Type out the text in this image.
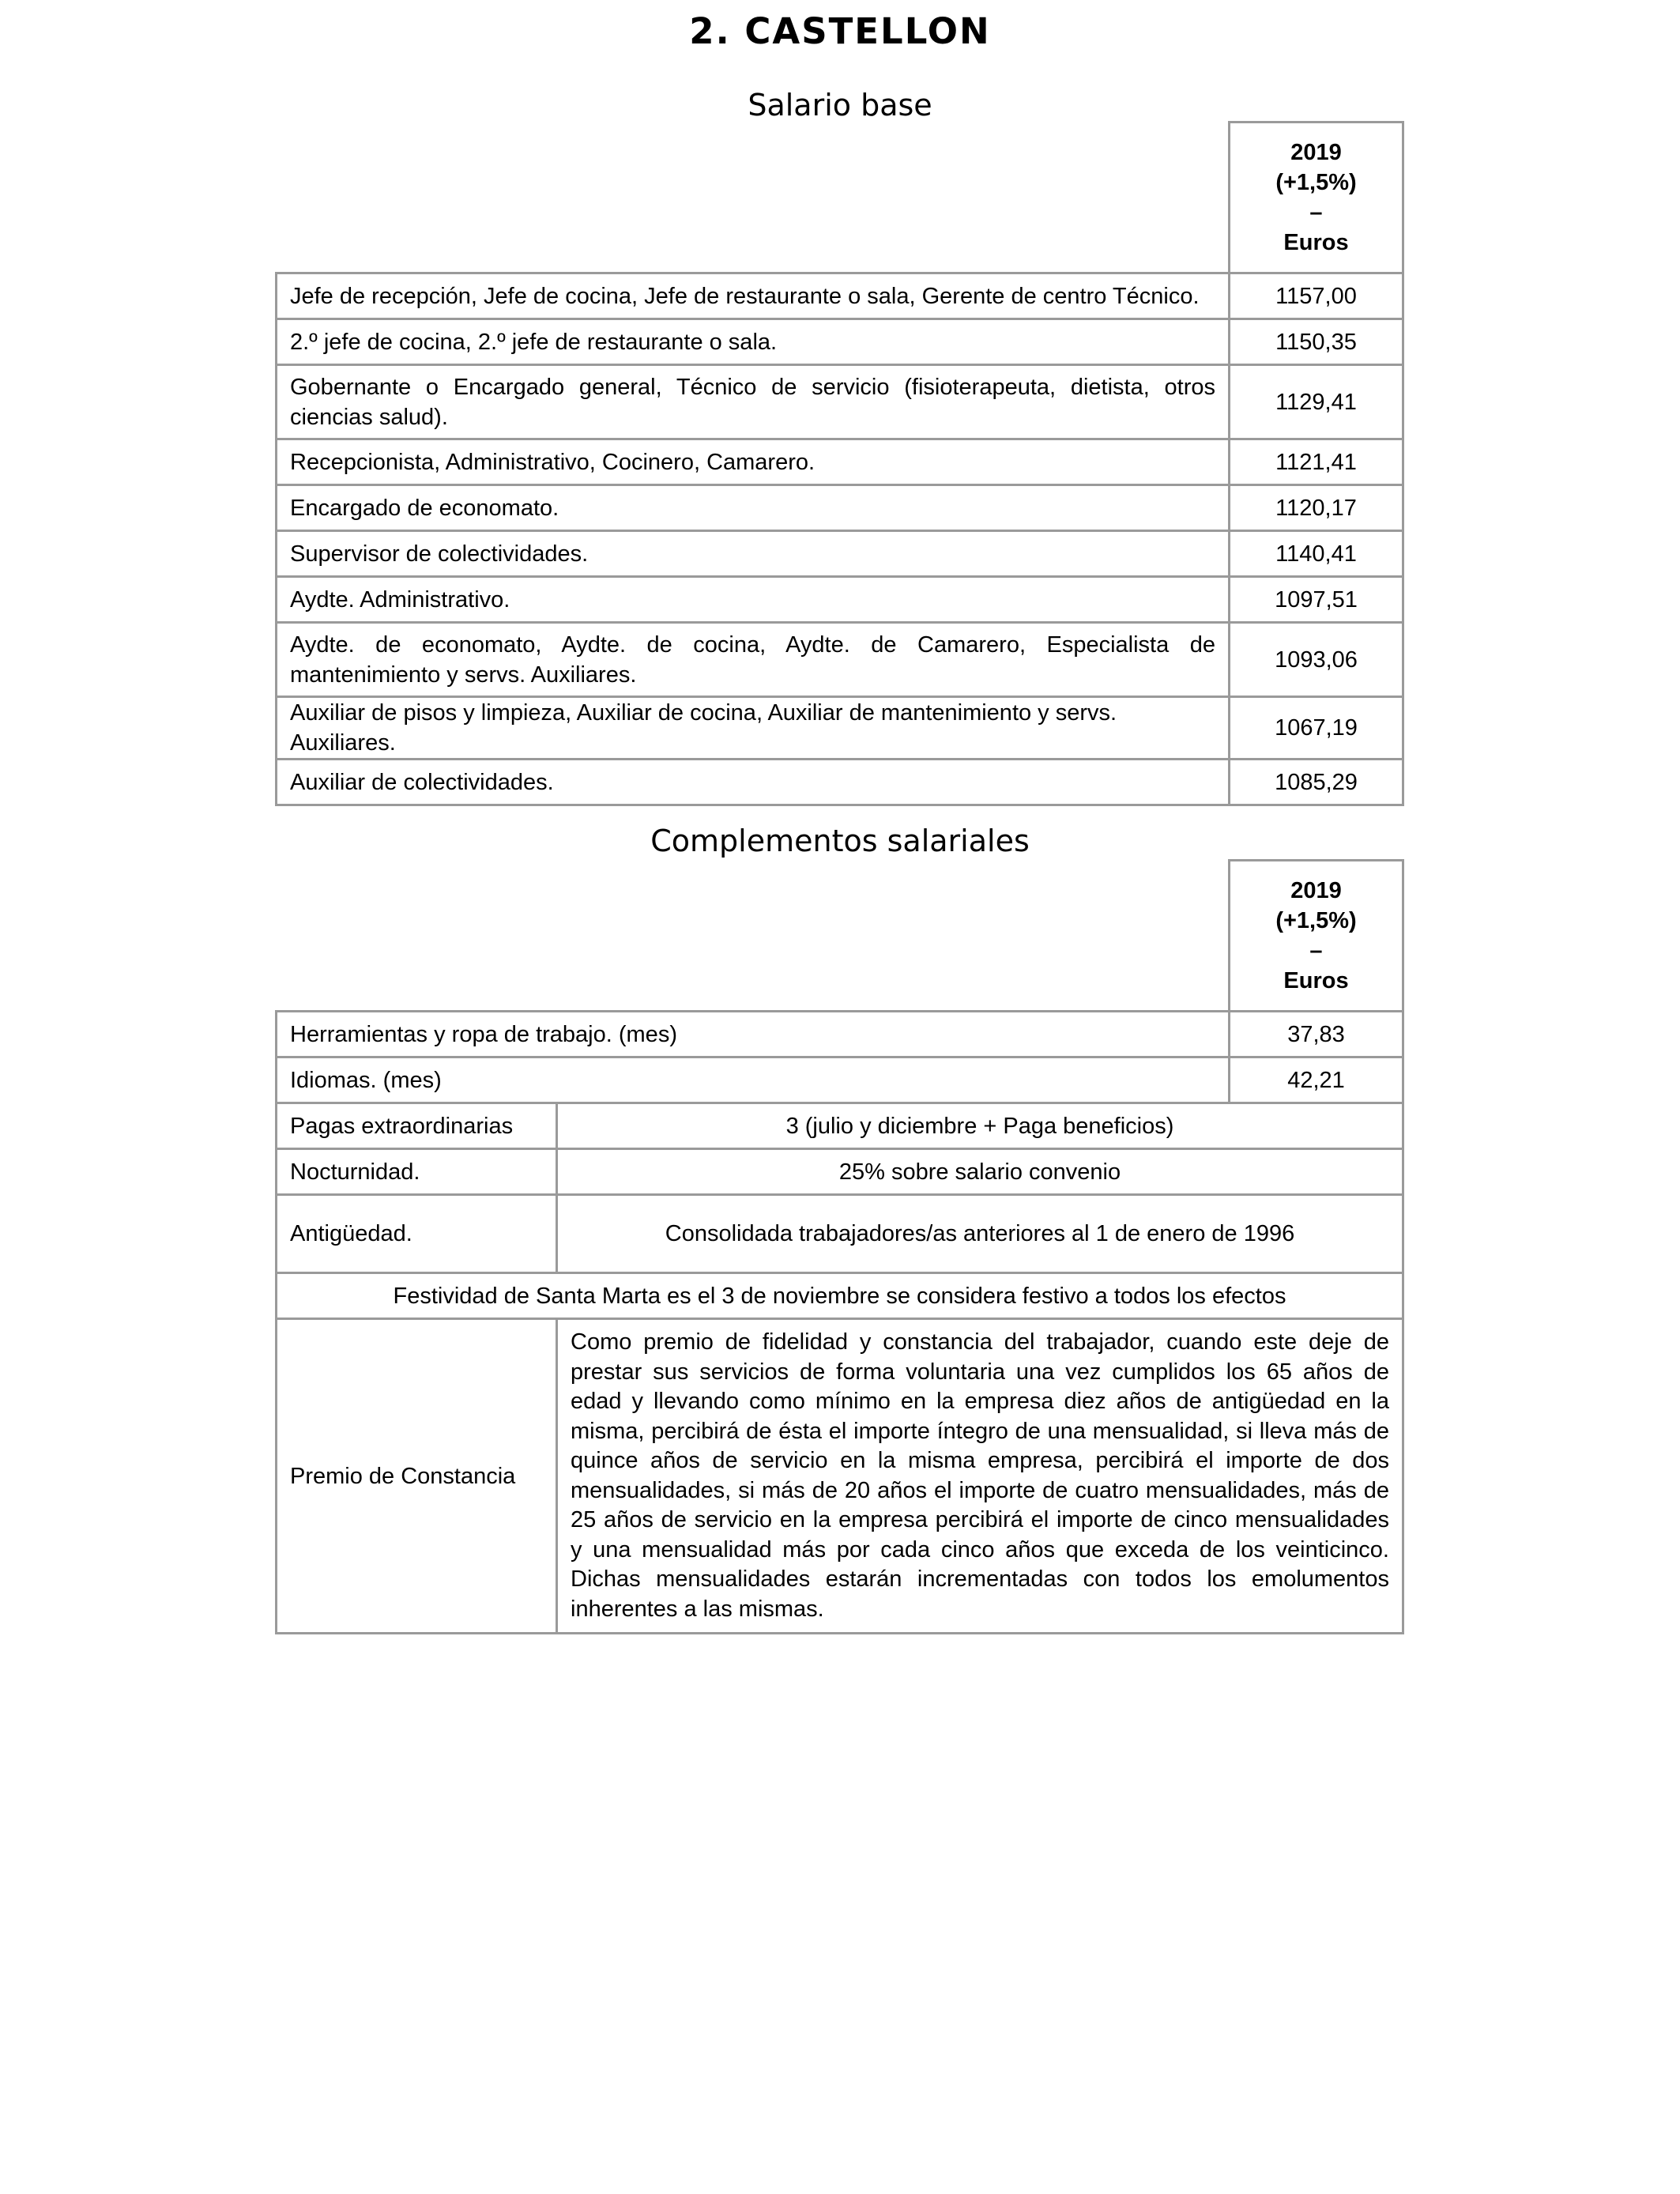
2. CASTELLON
Salario base

	2019
(+1,5%)
–
Euros

Jefe de recepción, Jefe de cocina, Jefe de restaurante o sala, Gerente de centro Técnico.	1157,00
2.º jefe de cocina, 2.º jefe de restaurante o sala.	1150,35
Gobernante o Encargado general, Técnico de servicio (fisioterapeuta, dietista, otros ciencias salud).	1129,41
Recepcionista, Administrativo, Cocinero, Camarero.	1121,41
Encargado de economato.	1120,17
Supervisor de colectividades.	1140,41
Aydte. Administrativo.	1097,51
Aydte. de economato, Aydte. de cocina, Aydte. de Camarero, Especialista de mantenimiento y servs. Auxiliares.	1093,06
Auxiliar de pisos y limpieza, Auxiliar de cocina, Auxiliar de mantenimiento y servs. Auxiliares.	1067,19
Auxiliar de colectividades.	1085,29
Complementos salariales

		2019
(+1,5%)
–
Euros

Herramientas y ropa de trabajo. (mes)		37,83
Idiomas. (mes)		42,21
Pagas extraordinarias	3 (julio y diciembre + Paga beneficios)	
Nocturnidad.	25% sobre salario convenio	
Antigüedad.	Consolidada trabajadores/as anteriores al 1 de enero de 1996	
Festividad de Santa Marta es el 3 de noviembre se considera festivo a todos los efectos		
Premio de Constancia	Como premio de fidelidad y constancia del trabajador, cuando este deje de prestar sus servicios de forma voluntaria una vez cumplidos los 65 años de edad y llevando como mínimo en la empresa diez años de antigüedad en la misma, percibirá de ésta el importe íntegro de una mensualidad, si lleva más de quince años de servicio en la misma empresa, percibirá el importe de dos mensualidades, si más de 20 años el importe de cuatro mensualidades, más de 25 años de servicio en la empresa percibirá el importe de cinco mensualidades y una mensualidad más por cada cinco años que exceda de los veinticinco. Dichas mensualidades estarán incrementadas con todos los emolumentos inherentes a las mismas.	
